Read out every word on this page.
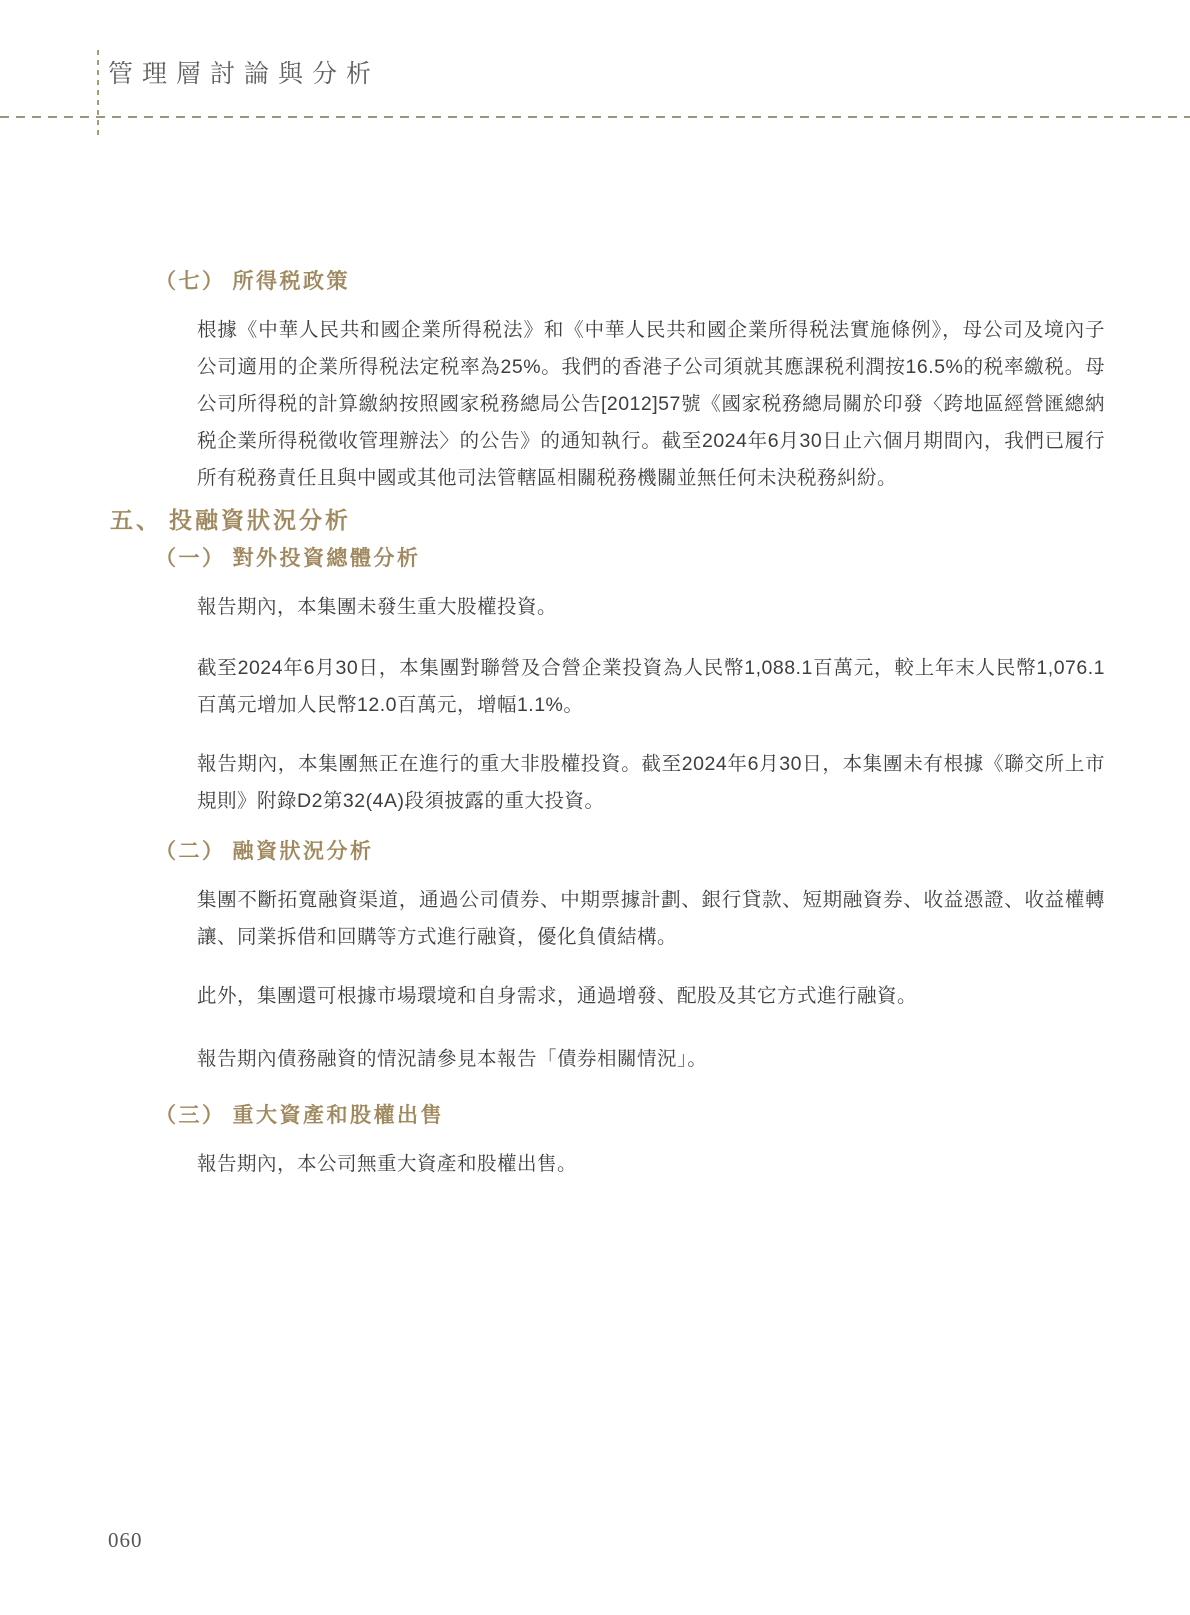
管理層討論與分析
（七） 所得税政策

根據《中華人民共和國企業所得税法》和《中華人民共和國企業所得税法實施條例》，母公司及境內子公司適用的企業所得税法定税率為25%。我們的香港子公司須就其應課税利潤按16.5%的税率繳税。母公司所得税的計算繳納按照國家税務總局公告[2012]57號《國家税務總局關於印發〈跨地區經營匯總納税企業所得税徵收管理辦法〉的公告》的通知執行。截至2024年6月30日止六個月期間內，我們已履行所有税務責任且與中國或其他司法管轄區相關税務機關並無任何未決税務糾紛。

五、 投融資狀況分析
（一） 對外投資總體分析

報告期內，本集團未發生重大股權投資。

截至2024年6月30日，本集團對聯營及合營企業投資為人民幣1,088.1百萬元，較上年末人民幣1,076.1百萬元增加人民幣12.0百萬元，增幅1.1%。

報告期內，本集團無正在進行的重大非股權投資。截至2024年6月30日，本集團未有根據《聯交所上市規則》附錄D2第32(4A)段須披露的重大投資。

（二） 融資狀況分析

集團不斷拓寬融資渠道，通過公司債券、中期票據計劃、銀行貸款、短期融資券、收益憑證、收益權轉讓、同業拆借和回購等方式進行融資，優化負債結構。

此外，集團還可根據市場環境和自身需求，通過增發、配股及其它方式進行融資。

報告期內債務融資的情況請參見本報告「債券相關情況」。

（三） 重大資產和股權出售

報告期內，本公司無重大資產和股權出售。

060
